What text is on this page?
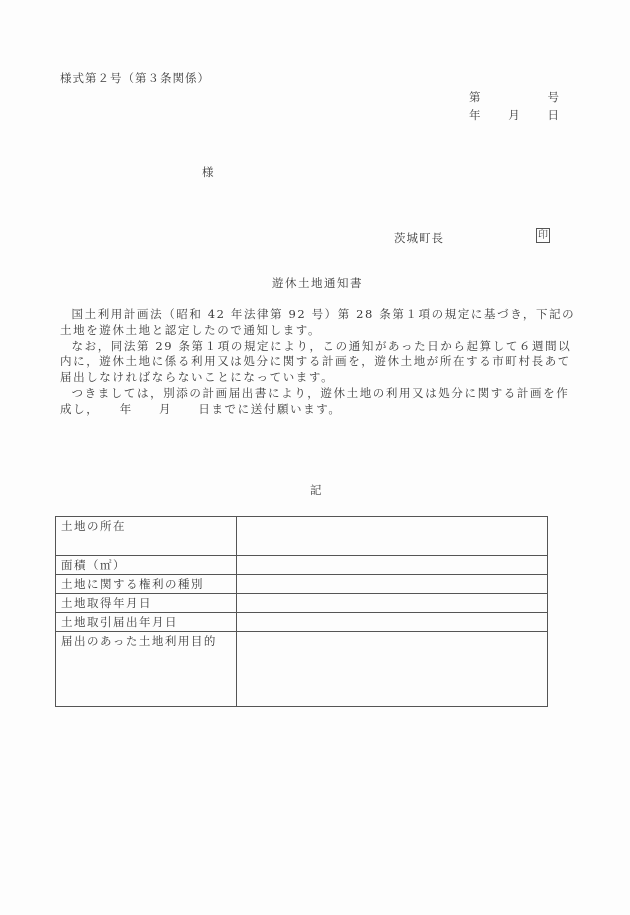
様式第２号（第３条関係）
第	号
年 月 日
様
茨城町長	印
遊休土地通知書

国土利用計画法（昭和 42 年法律第 92 号）第 28 条第１項の規定に基づき，下記の土地を遊休土地と認定したので通知します。

なお，同法第 29 条第１項の規定により，この通知があった日から起算して６週間以内に，遊休土地に係る利用又は処分に関する計画を，遊休土地が所在する市町村長あて届出しなければならないことになっています。

つきましては，別添の計画届出書により，遊休土地の利用又は処分に関する計画を作成し，　　年　　月　　日までに送付願います。

記
土地の所在	
面積（㎡）	
土地に関する権利の種別	
土地取得年月日	
土地取引届出年月日	
届出のあった土地利用目的	
